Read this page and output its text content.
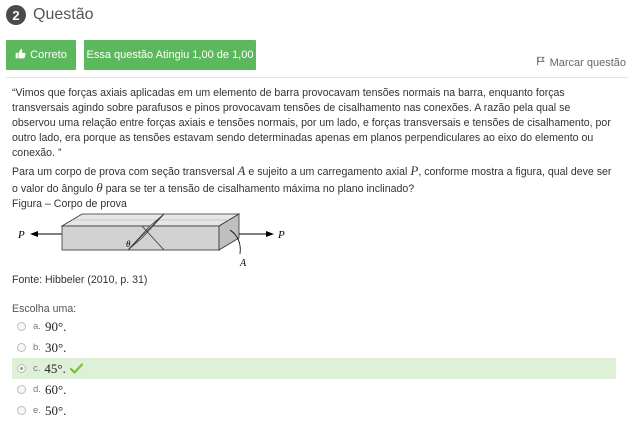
2 Questão
Correto Essa questão Atingiu 1,00 de 1,00
Marcar questão

“Vimos que forças axiais aplicadas em um elemento de barra provocavam tensões normais na barra, enquanto forças transversais agindo sobre parafusos e pinos provocavam tensões de cisalhamento nas conexões. A razão pela qual se observou uma relação entre forças axiais e tensões normais, por um lado, e forças transversais e tensões de cisalhamento, por outro lado, era porque as tensões estavam sendo determinadas apenas em planos perpendiculares ao eixo do elemento ou conexão. ”

Para um corpo de prova com seção transversal A e sujeito a um carregamento axial P, conforme mostra a figura, qual deve ser o valor do ângulo θ para se ter a tensão de cisalhamento máxima no plano inclinado?

Figura – Corpo de prova

P
θ
P
A
Fonte: Hibbeler (2010, p. 31)
Escolha uma:
a. 90°.
b. 30°.
c. 45°.
d. 60°.
e. 50°.
